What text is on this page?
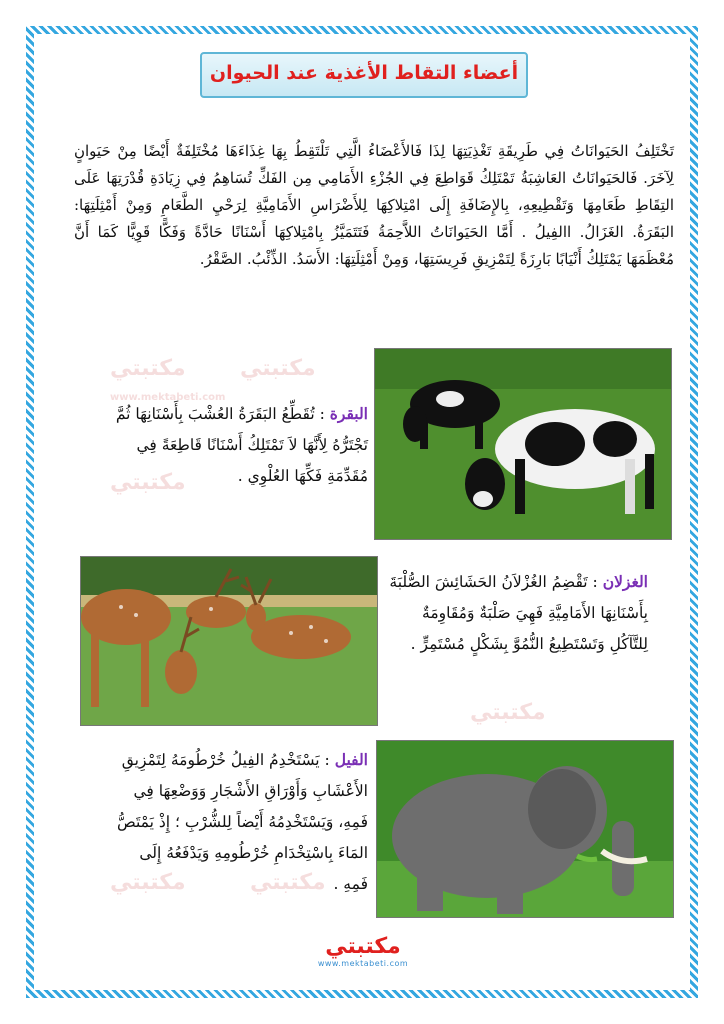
مكتبتي مكتبتي
مكتبتي
مكتبتي
مكتبتي	مكتبتي
www.mektabeti.com
أعضاء التقاط الأغذية عند الحيوان
تَخْتَلِفُ الحَيَوانَاتُ فِي طَرِيقَةِ تَغْذِيَتِهَا لِذَا فَالأَعْضَاءُ الَّتِي تَلْتَقِطُ بِهَا غِذَاءَهَا مُخْتَلِفَةٌ أَيْضًا مِنْ حَيَوانٍ لِآخَرَ. فَالحَيَوانَاتُ العَاشِبَةُ تَمْتَلِكُ قَوَاطِعَ فِي الجُزْءِ الأَمَامِي مِن الفَكِّ تُسَاهِمُ فِي زِيَادَةِ قُدْرَتِهَا عَلَى التِقَاطِ طَعَامِهَا وَتَقْطِيعِهِ، بِالإِضَافَةِ إِلَى امْتِلاكِهَا لِلأَضْرَاسِ الأَمَامِيَّةِ لِرَحْيِ الطَّعَامِ وَمِنْ أَمْثِلَتِهَا: البَقَرَةُ. الغَزَالُ. االفِيلُ . أَمَّا الحَيَوانَاتُ اللاَّحِمَةُ فَتَتَمَيَّزُ بِامْتِلاكِهَا أَسْنَانًا حَادَّةً وَفَكًّا قَوِيًّا كَمَا أَنَّ مُعْظَمَهَا يَمْتَلِكُ أَنْيَابًا بَارِزَةً لِتَمْزِيقِ فَرِيسَتِهَا، وَمِنْ أَمْثِلَتِهَا: الأَسَدُ. الذِّئْبُ. الصَّقْرُ.
البقرة : تُقَطِّعُ البَقَرَةُ العُشْبَ بِأَسْنَانِهَا ثُمَّ تَجْتَرُّهُ لِأَنَّهَا لاَ تَمْتَلِكُ أَسْنَانًا قَاطِعَةً فِي مُقَدِّمَةِ فَكِّهَا العُلْوِي .
الغزلان : تَقْضِمُ الغُزْلاَنُ الحَشَائِشَ الصُّلْبَةَ بِأَسْنَانِهَا الأَمَامِيَّةِ فَهِيَ صَلْبَةٌ وَمُقَاوِمَةٌ لِلتَّآكُلِ وَتَسْتَطِيعُ النُّمُوَّ بِشَكْلٍ مُسْتَمِرٍّ .
الفيل : يَسْتَخْدِمُ الفِيلُ خُرْطُومَهُ لِتَمْزِيقِ الأَعْشَابِ وَأَوْرَاقِ الأَشْجَارِ وَوَضْعِهَا فِي فَمِهِ، وَيَسْتَخْدِمُهُ أَيْضاً لِلشُّرْبِ ؛ إِذْ يَمْتَصُّ المَاءَ بِاسْتِخْدَامِ خُرْطُومِهِ وَيَدْفَعُهُ إِلَى فَمِهِ .
مكتبتي
www.mektabeti.com
